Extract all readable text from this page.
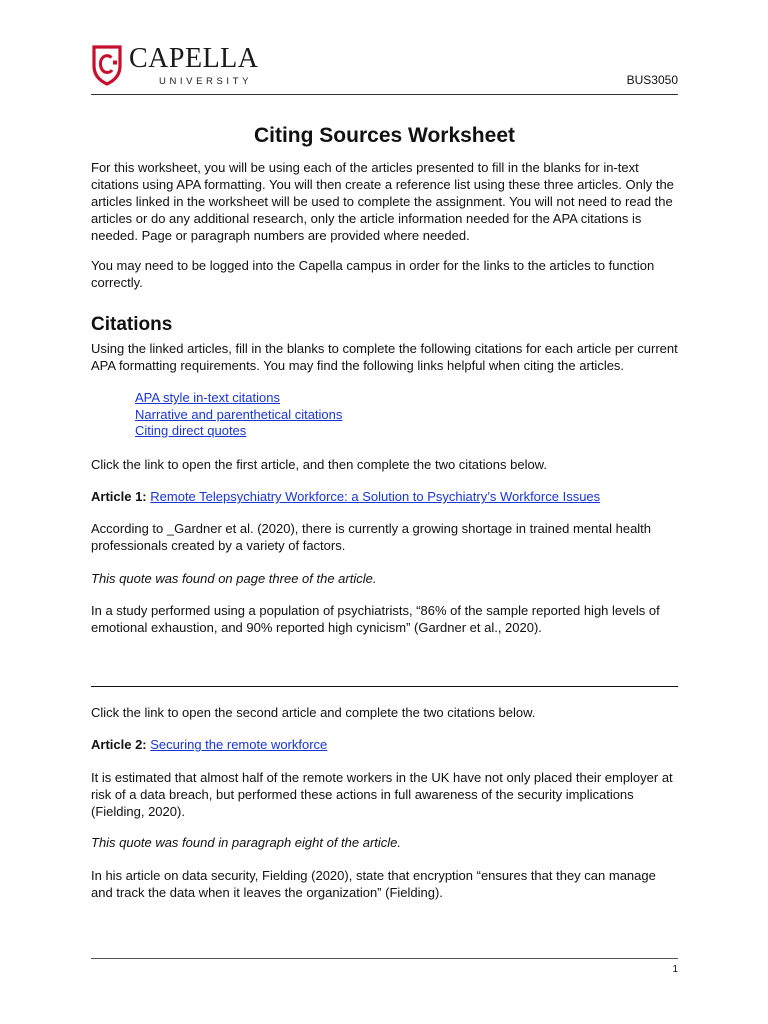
CAPELLA
UNIVERSITY	BUS3050
Citing Sources Worksheet

For this worksheet, you will be using each of the articles presented to fill in the blanks for in-text citations using APA formatting. You will then create a reference list using these three articles. Only the articles linked in the worksheet will be used to complete the assignment. You will not need to read the articles or do any additional research, only the article information needed for the APA citations is needed. Page or paragraph numbers are provided where needed.

You may need to be logged into the Capella campus in order for the links to the articles to function correctly.

Citations

Using the linked articles, fill in the blanks to complete the following citations for each article per current APA formatting requirements. You may find the following links helpful when citing the articles.

APA style in-text citations
Narrative and parenthetical citations
Citing direct quotes

Click the link to open the first article, and then complete the two citations below.

Article 1: Remote Telepsychiatry Workforce: a Solution to Psychiatry’s Workforce Issues

According to _Gardner et al. (2020), there is currently a growing shortage in trained mental health professionals created by a variety of factors.

This quote was found on page three of the article.

In a study performed using a population of psychiatrists, “86% of the sample reported high levels of emotional exhaustion, and 90% reported high cynicism” (Gardner et al., 2020).

Click the link to open the second article and complete the two citations below.

Article 2: Securing the remote workforce

It is estimated that almost half of the remote workers in the UK have not only placed their employer at risk of a data breach, but performed these actions in full awareness of the security implications (Fielding, 2020).

This quote was found in paragraph eight of the article.

In his article on data security, Fielding (2020), state that encryption “ensures that they can manage and track the data when it leaves the organization” (Fielding).

1
